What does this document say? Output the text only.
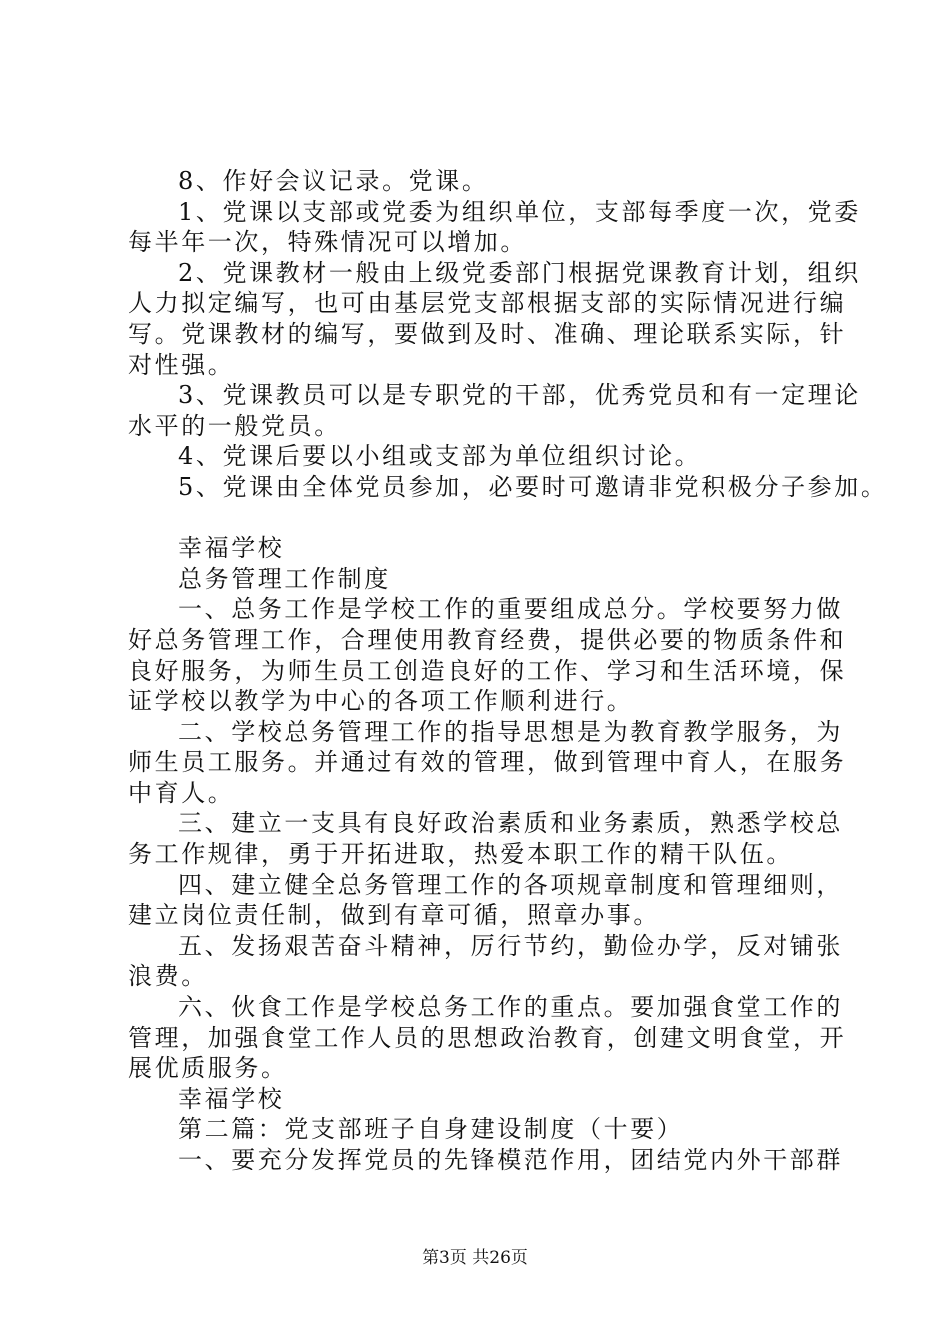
8、作好会议记录。党课。
1、党课以支部或党委为组织单位，支部每季度一次，党委
每半年一次，特殊情况可以增加。
2、党课教材一般由上级党委部门根据党课教育计划，组织
人力拟定编写，也可由基层党支部根据支部的实际情况进行编
写。党课教材的编写，要做到及时、准确、理论联系实际，针
对性强。
3、党课教员可以是专职党的干部，优秀党员和有一定理论
水平的一般党员。
4、党课后要以小组或支部为单位组织讨论。
5、党课由全体党员参加，必要时可邀请非党积极分子参加。
幸福学校
总务管理工作制度
一、总务工作是学校工作的重要组成总分。学校要努力做
好总务管理工作，合理使用教育经费，提供必要的物质条件和
良好服务，为师生员工创造良好的工作、学习和生活环境，保
证学校以教学为中心的各项工作顺利进行。
二、学校总务管理工作的指导思想是为教育教学服务，为
师生员工服务。并通过有效的管理，做到管理中育人，在服务
中育人。
三、建立一支具有良好政治素质和业务素质，熟悉学校总
务工作规律，勇于开拓进取，热爱本职工作的精干队伍。
四、建立健全总务管理工作的各项规章制度和管理细则，
建立岗位责任制，做到有章可循，照章办事。
五、发扬艰苦奋斗精神，厉行节约，勤俭办学，反对铺张
浪费。
六、伙食工作是学校总务工作的重点。要加强食堂工作的
管理，加强食堂工作人员的思想政治教育，创建文明食堂，开
展优质服务。
幸福学校
第二篇：党支部班子自身建设制度（十要）
一、要充分发挥党员的先锋模范作用，团结党内外干部群
第3页 共26页
